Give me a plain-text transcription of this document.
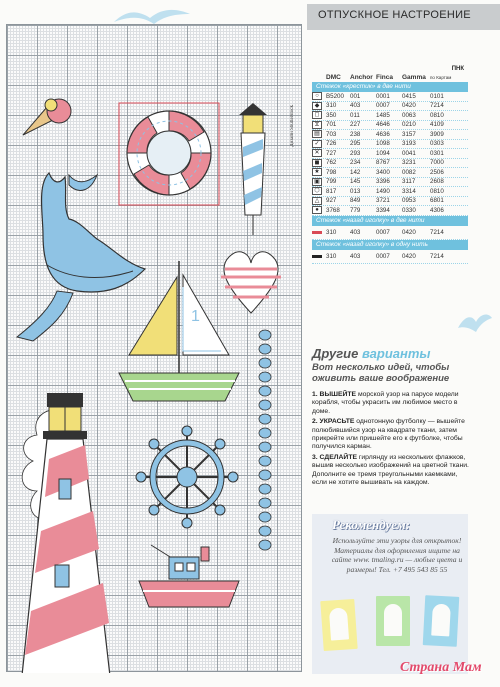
1
Дизайн Shutterstock
ОТПУСКНОЕ НАСТРОЕНИЕ
ПНК
DMC	Anchor Finca	Gamma по Картам
Стежок «крестик» в две нити
○	B5200 001	0001	0415	0101
◆	310	403	0007	0420	7214
◻	350	011	1485	0063	0810
⧖	701	227	4646	0210	4109
▤ 703	238	4636	3157	3909
✓	726	295	1098	3193	0303
✕	727	293	1094	0041	0301
◼	762	234	8767	3231	7000
★	798	142	3400	0082	2506
▣ 799	145	3396	3117	2608
⬡	817	013	1490	3314	0810
△	927	849	3721	0953	6801
●	3768	779	3394	0330	4306
Стежок «назад иголку» в две нити
310	403	0007	0420	7214
Стежок «назад иголку» в одну нить
310	403	0007	0420	7214
Другие варианты
Вот несколько идей, чтобы оживить ваше воображение

1. ВЫШЕЙТЕ морской узор на парусе модели корабля, чтобы украсить им любимое место в доме.

2. УКРАСЬТЕ однотонную футболку — вышейте полюбившийся узор на квадрате ткани, затем прикрейте или пришейте его к футболке, чтобы получился карман.

3. СДЕЛАЙТЕ гирлянду из нескольких флажков, вышив несколько изображений на цветной ткани. Дополните ее тремя треугольными каемками, если не хотите вышивать на каждом.

Рекомендуем:
Используйте эти узоры для открыток! Материалы для оформления ищите на сайте www. tmaling.ru — любые цвета и размеры! Тел. +7 495 543 85 55
Страна Мам
